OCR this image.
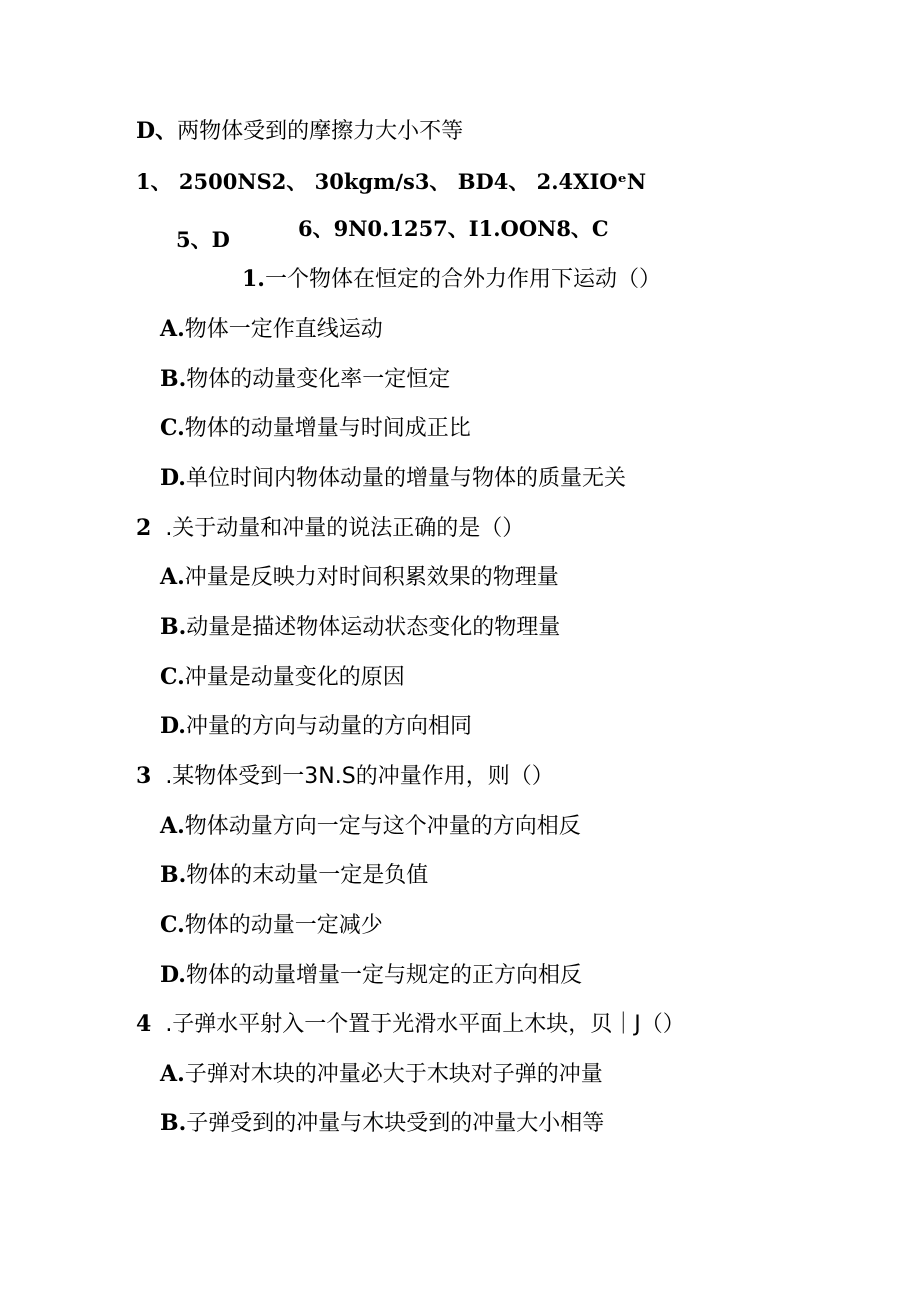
D、两物体受到的摩擦力大小不等
1、 2500NS2、 30kgm∕s3、 BD4、 2.4XIOᵉN
5、D	6、9N0.1257、I1.OON8、C
1.一个物体在恒定的合外力作用下运动（）
A.物体一定作直线运动
B.物体的动量变化率一定恒定
C.物体的动量增量与时间成正比
D.单位时间内物体动量的增量与物体的质量无关
2 .关于动量和冲量的说法正确的是（）
A.冲量是反映力对时间积累效果的物理量
B.动量是描述物体运动状态变化的物理量
C.冲量是动量变化的原因
D.冲量的方向与动量的方向相同
3 .某物体受到一3N.S的冲量作用，则（）
A.物体动量方向一定与这个冲量的方向相反
B.物体的末动量一定是负值
C.物体的动量一定减少
D.物体的动量增量一定与规定的正方向相反
4 .子弹水平射入一个置于光滑水平面上木块，贝｜J（）
A.子弹对木块的冲量必大于木块对子弹的冲量
B.子弹受到的冲量与木块受到的冲量大小相等
